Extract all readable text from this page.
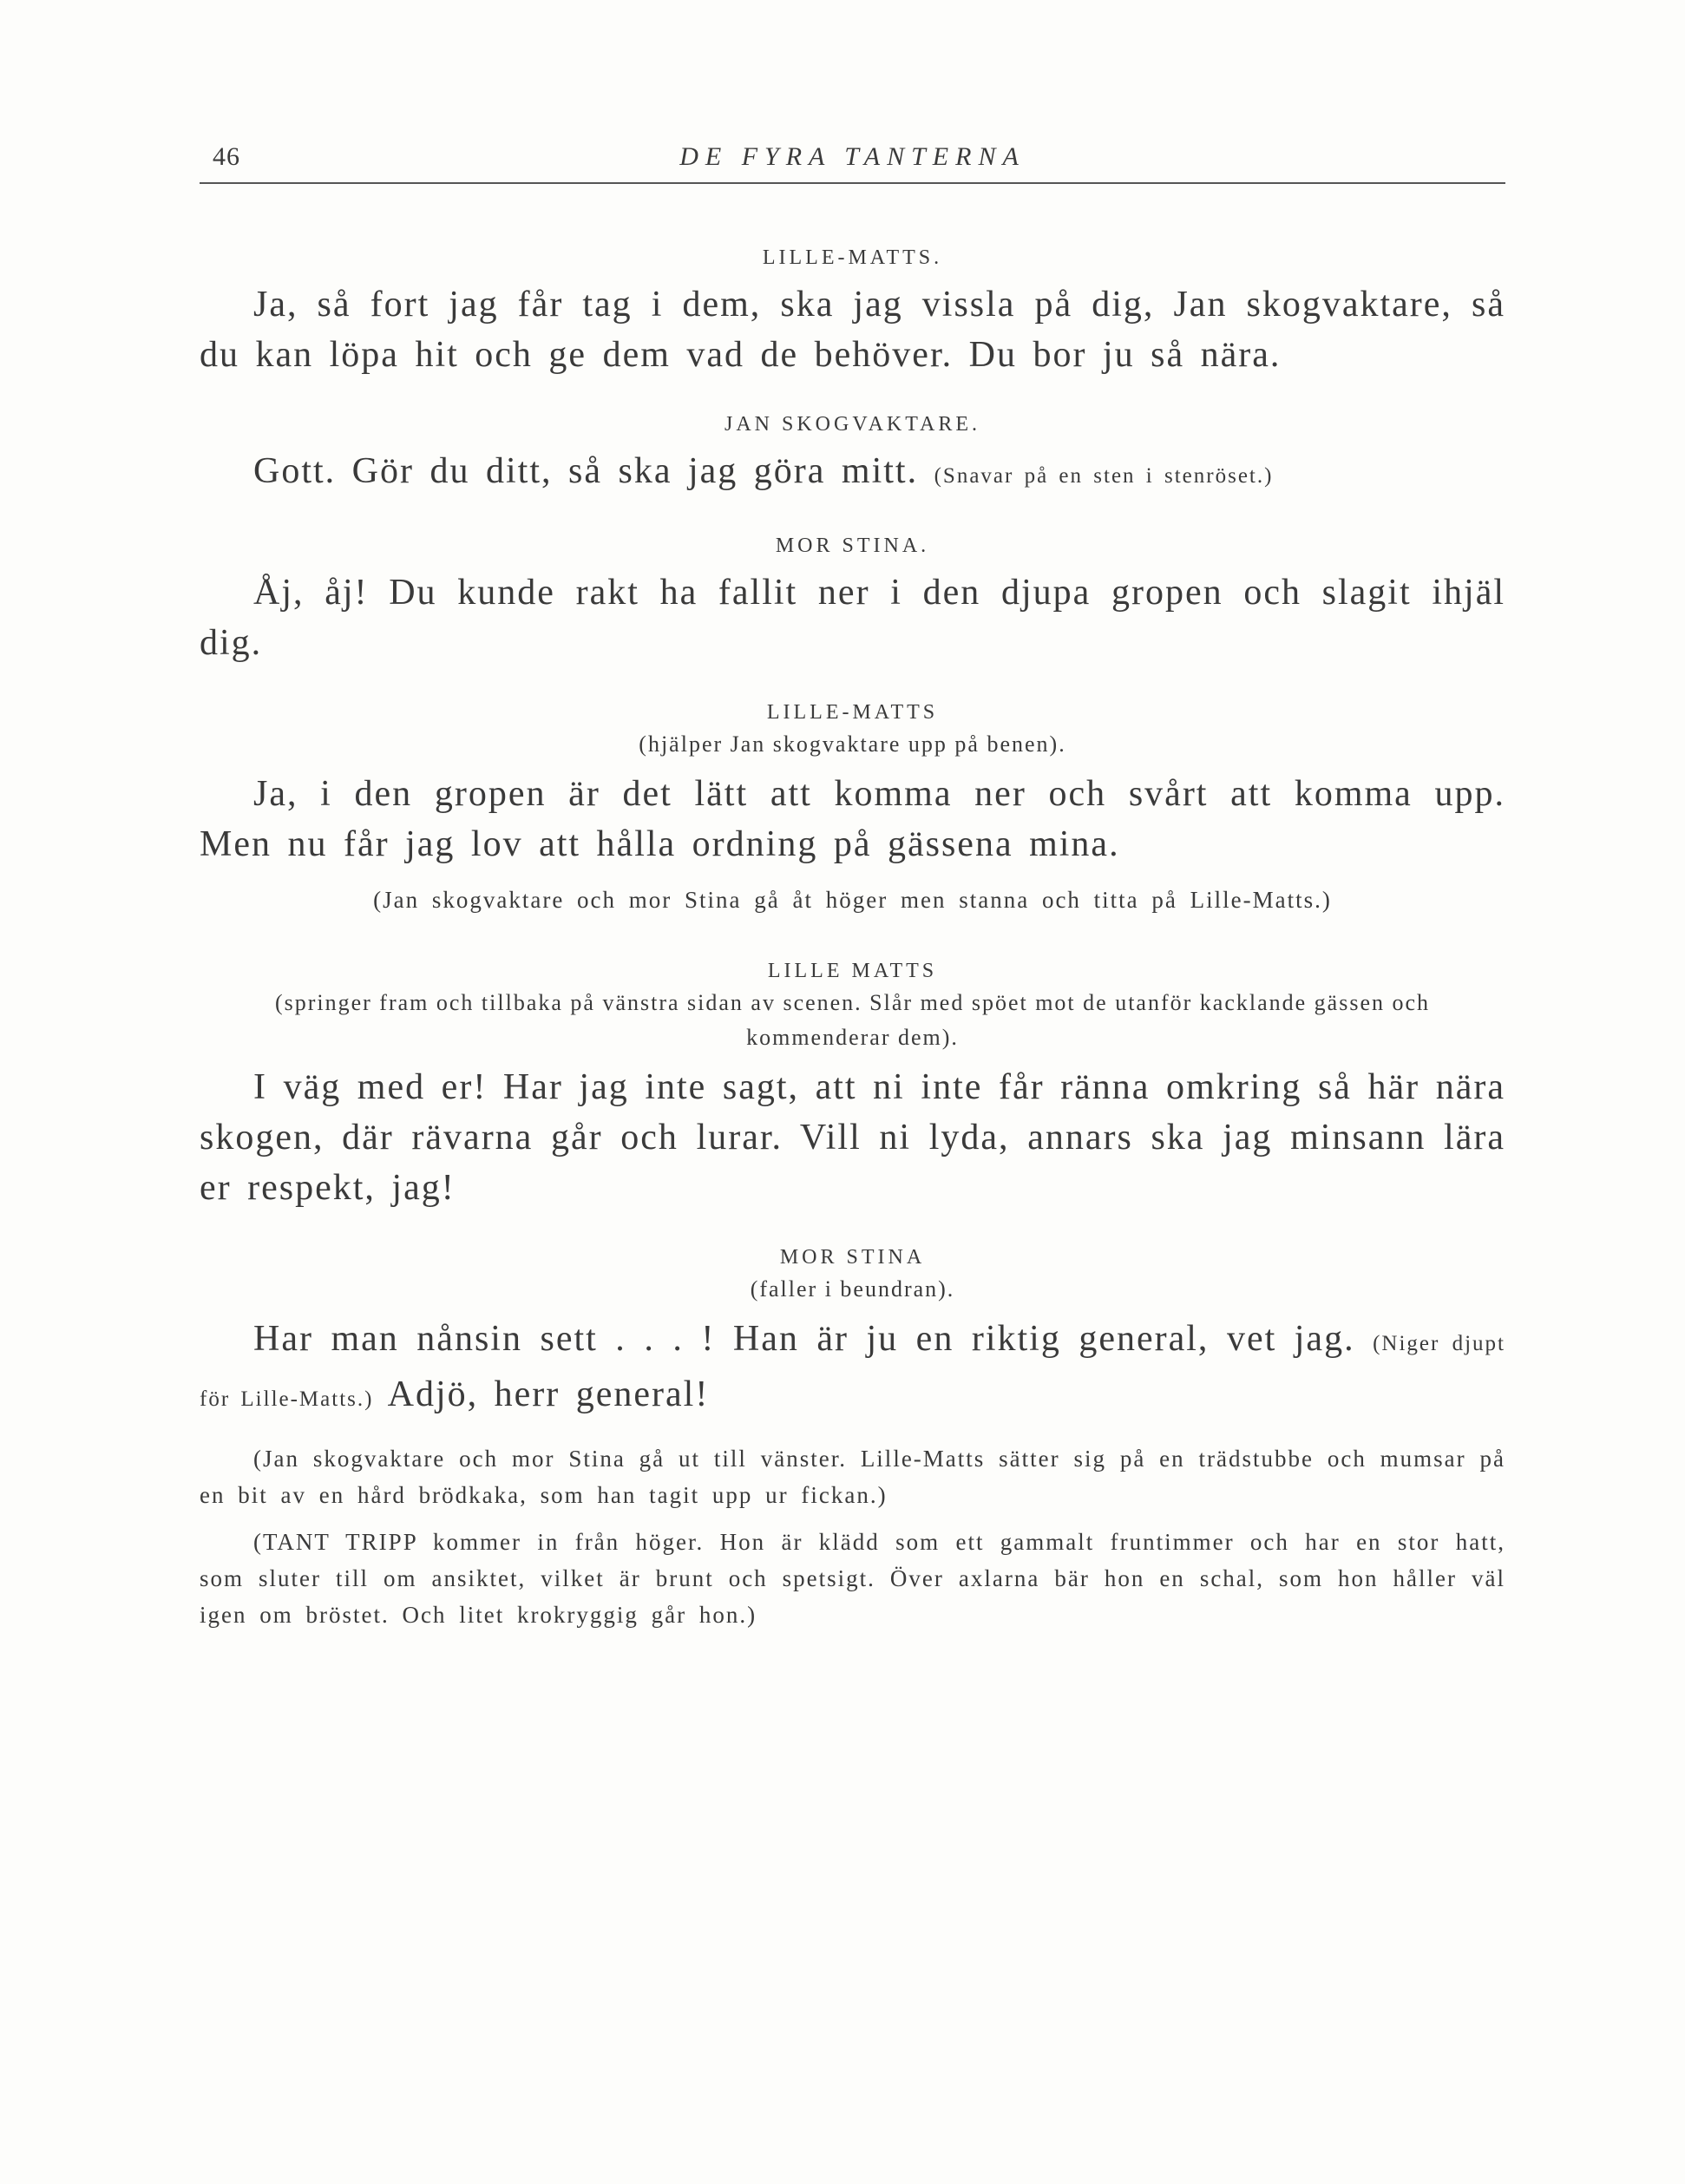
46	DE FYRA TANTERNA
LILLE-MATTS.

Ja, så fort jag får tag i dem, ska jag vissla på dig, Jan skogvaktare, så du kan löpa hit och ge dem vad de behöver. Du bor ju så nära.

JAN SKOGVAKTARE.

Gott. Gör du ditt, så ska jag göra mitt. (Snavar på en sten i stenröset.)

MOR STINA.

Åj, åj! Du kunde rakt ha fallit ner i den djupa gropen och slagit ihjäl dig.

LILLE-MATTS
(hjälper Jan skogvaktare upp på benen).

Ja, i den gropen är det lätt att komma ner och svårt att komma upp. Men nu får jag lov att hålla ordning på gässena mina.

(Jan skogvaktare och mor Stina gå åt höger men stanna och titta på Lille-Matts.)
LILLE MATTS
(springer fram och tillbaka på vänstra sidan av scenen. Slår med spöet mot de utanför kacklande gässen och kommenderar dem).

I väg med er! Har jag inte sagt, att ni inte får ränna omkring så här nära skogen, där rävarna går och lurar. Vill ni lyda, annars ska jag minsann lära er respekt, jag!

MOR STINA
(faller i beundran).

Har man nånsin sett . . . ! Han är ju en riktig general, vet jag. (Niger djupt för Lille-Matts.) Adjö, herr general!

(Jan skogvaktare och mor Stina gå ut till vänster. Lille-Matts sätter sig på en trädstubbe och mumsar på en bit av en hård brödkaka, som han tagit upp ur fickan.)

(TANT TRIPP kommer in från höger. Hon är klädd som ett gammalt fruntimmer och har en stor hatt, som sluter till om ansiktet, vilket är brunt och spetsigt. Över axlarna bär hon en schal, som hon håller väl igen om bröstet. Och litet krokryggig går hon.)
